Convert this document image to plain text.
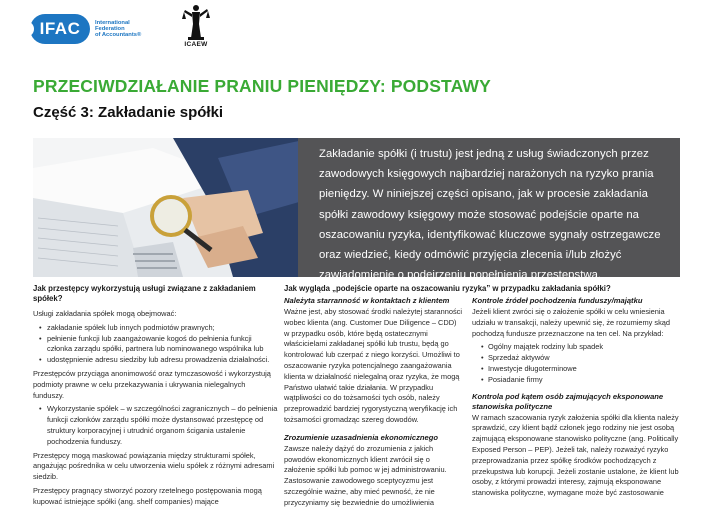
IFAC	International
Federation
of Accountants®
ICAEW
PRZECIWDZIAŁANIE PRANIU PIENIĘDZY: PODSTAWY
Część 3: Zakładanie spółki

Zakładanie spółki (i trustu) jest jedną z usług świadczonych przez zawodowych księgowych najbardziej narażonych na ryzyko prania pieniędzy. W niniejszej części opisano, jak w procesie zakładania spółki zawodowy księgowy może stosować podejście oparte na oszacowaniu ryzyka, identyfikować kluczowe sygnały ostrzegawcze oraz wiedzieć, kiedy odmówić przyjęcia zlecenia i/lub złożyć zawiadomienie o podejrzeniu popełnienia przestępstwa.

Jak przestępcy wykorzystują usługi związane z zakładaniem spółek?

Usługi zakładania spółek mogą obejmować:

• zakładanie spółek lub innych podmiotów prawnych;
• pełnienie funkcji lub zaangażowanie kogoś do pełnienia funkcji członka zarządu spółki, partnera lub nominowanego wspólnika lub
• udostępnienie adresu siedziby lub adresu prowadzenia działalności.

Przestępców przyciąga anonimowość oraz tymczasowość i wykorzystują podmioty prawne w celu przekazywania i ukrywania nielegalnych funduszy.

• Wykorzystanie spółek – w szczególności zagranicznych – do pełnienia funkcji członków zarządu spółki może dystansować przestępcę od struktury korporacyjnej i utrudnić organom ścigania ustalenie pochodzenia funduszy.

Przestępcy mogą maskować powiązania między strukturami spółek, angażując pośrednika w celu utworzenia wielu spółek z różnymi adresami siedzib.

Przestępcy pragnący stworzyć pozory rzetelnego postępowania mogą kupować istniejące spółki (ang. shelf companies) mające

Jak wygląda „podejście oparte na oszacowaniu ryzyka” w przypadku zakładania spółki?
Należyta starranność w kontaktach z klientem

Ważne jest, aby stosować środki należytej staranności wobec klienta (ang. Customer Due Diligence – CDD) w przypadku osób, które będą ostatecznymi właścicielami zakładanej spółki lub trustu, będą go kontrolować lub czerpać z niego korzyści. Umożliwi to oszacowanie ryzyka potencjalnego zaangażowania klienta w działalność nielegalną oraz ryzyka, że mogą Państwo ułatwić takie działania. W przypadku wątpliwości co do tożsamości tych osób, należy przeprowadzić bardziej rygorystyczną weryfikację ich tożsamości gromadząc szereg dowodów.

Zrozumienie uzasadnienia ekonomicznego

Zawsze należy dążyć do zrozumienia z jakich powodów ekonomicznych klient zwrócił się o założenie spółki lub pomoc w jej administrowaniu. Zastosowanie zawodowego sceptycyzmu jest szczególnie ważne, aby mieć pewność, że nie przyczyniamy się bezwiednie do umożliwienia

Kontrole źródeł pochodzenia funduszy/majątku

Jeżeli klient zwróci się o założenie spółki w celu wniesienia udziału w transakcji, należy upewnić się, że rozumiemy skąd pochodzą fundusze przeznaczone na ten cel. Na przykład:

• Ogólny majątek rodziny lub spadek
• Sprzedaż aktywów
• Inwestycje długoterminowe
• Posiadanie firmy
Kontrola pod kątem osób zajmujących eksponowane stanowiska polityczne

W ramach szacowania ryzyk założenia spółki dla klienta należy sprawdzić, czy klient bądź członek jego rodziny nie jest osobą zajmującą eksponowane stanowisko polityczne (ang. Politically Exposed Person – PEP). Jeżeli tak, należy rozważyć ryzyko przeprowadzania przez spółkę środków pochodzących z przekupstwa lub korupcji. Jeżeli zostanie ustalone, że klient lub osoby, z którymi prowadzi interesy, zajmują eksponowane stanowiska polityczne, wymagane może być zastosowanie
